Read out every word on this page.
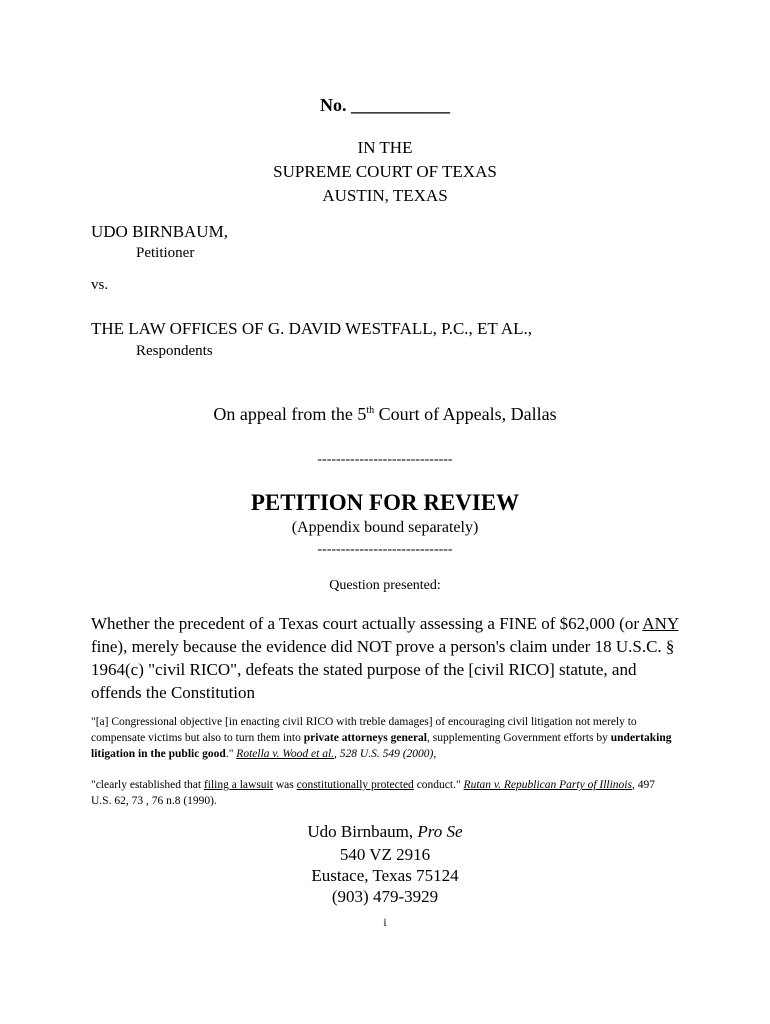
No. ___________
IN THE
SUPREME COURT OF TEXAS
AUSTIN, TEXAS
UDO BIRNBAUM,
Petitioner
vs.
THE LAW OFFICES OF G. DAVID WESTFALL, P.C., ET AL.,
Respondents
On appeal from the 5th Court of Appeals, Dallas
-----------------------------
PETITION FOR REVIEW
(Appendix bound separately)
-----------------------------
Question presented:
Whether the precedent of a Texas court actually assessing a FINE of $62,000 (or ANY fine), merely because the evidence did NOT prove a person's claim under 18 U.S.C. § 1964(c) "civil RICO", defeats the stated purpose of the [civil RICO] statute, and offends the Constitution
"[a] Congressional objective [in enacting civil RICO with treble damages] of encouraging civil litigation not merely to compensate victims but also to turn them into private attorneys general, supplementing Government efforts by undertaking litigation in the public good." Rotella v. Wood et al., 528 U.S. 549 (2000),
"clearly established that filing a lawsuit was constitutionally protected conduct." Rutan v. Republican Party of Illinois, 497 U.S. 62, 73 , 76 n.8 (1990).
Udo Birnbaum, Pro Se
540 VZ 2916
Eustace, Texas 75124
(903) 479-3929
i
